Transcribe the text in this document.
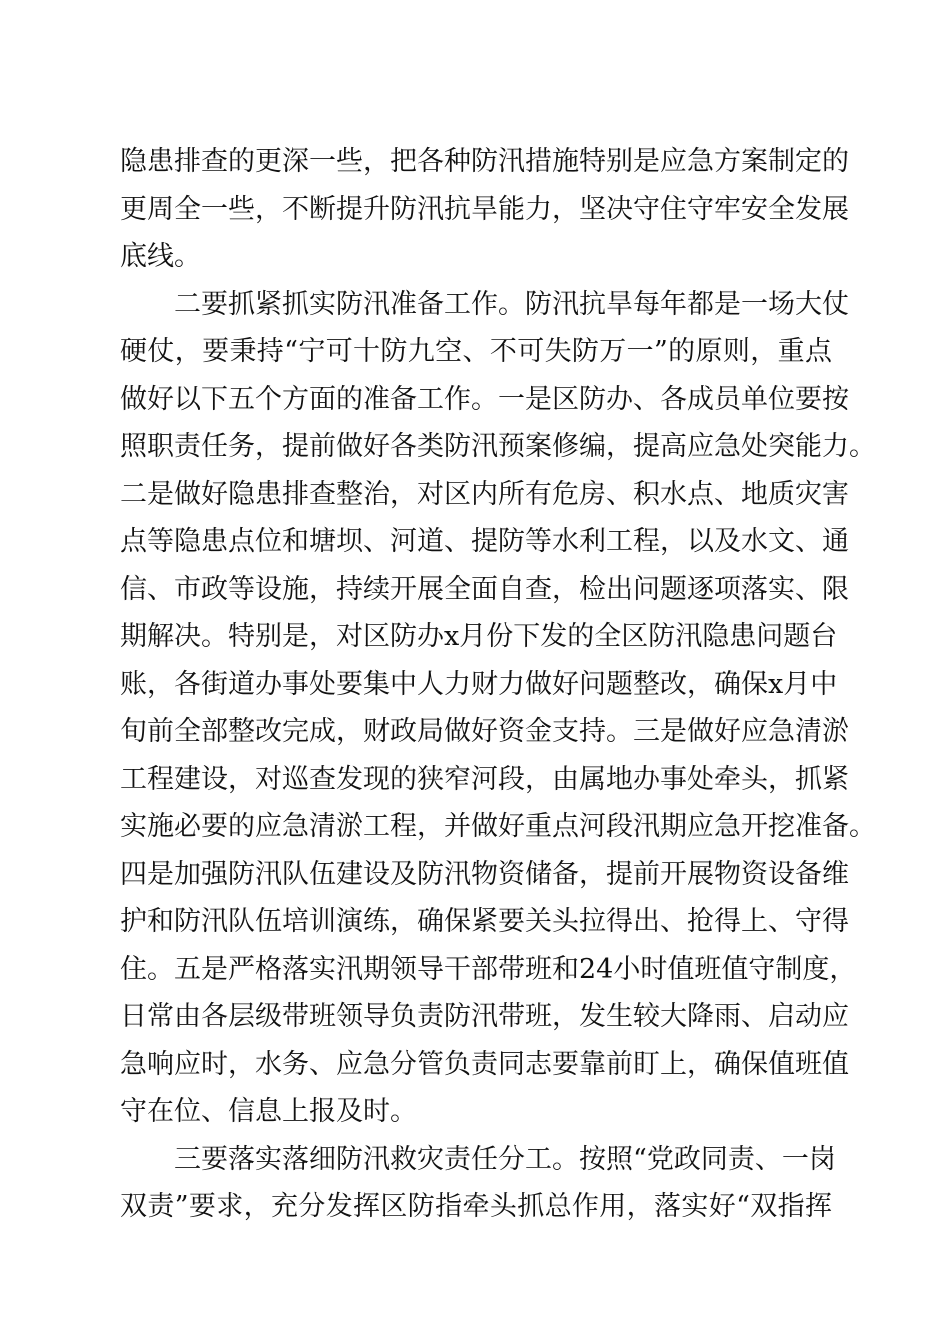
隐 患 排 查 的 更 深 一 些 ， 把 各 种 防 汛 措 施 特 别 是 应 急 方 案 制 定 的
更 周 全 一 些 ， 不 断 提 升 防 汛 抗 旱 能 力 ， 坚 决 守 住 守 牢 安 全 发 展
底 线 。
二 要 抓 紧 抓 实 防 汛 准 备 工 作 。 防 汛 抗 旱 每 年 都 是 一 场 大 仗
硬 仗 ， 要 秉 持 “ 宁 可 十 防 九 空 、 不 可 失 防 万 一 ” 的 原 则 ， 重 点
做 好 以 下 五 个 方 面 的 准 备 工 作 。 一 是 区 防 办 、 各 成 员 单 位 要 按
照 职 责 任 务 ， 提 前 做 好 各 类 防 汛 预 案 修 编 ， 提 高 应 急 处 突 能 力 。
二 是 做 好 隐 患 排 查 整 治 ， 对 区 内 所 有 危 房 、 积 水 点 、 地 质 灾 害
点 等 隐 患 点 位 和 塘 坝 、 河 道 、 提 防 等 水 利 工 程 ， 以 及 水 文 、 通
信 、 市 政 等 设 施 ， 持 续 开 展 全 面 自 查 ， 检 出 问 题 逐 项 落 实 、 限
期 解 决 。 特 别 是 ， 对 区 防 办 x 月 份 下 发 的 全 区 防 汛 隐 患 问 题 台
账 ， 各 街 道 办 事 处 要 集 中 人 力 财 力 做 好 问 题 整 改 ， 确 保 x 月 中
旬 前 全 部 整 改 完 成 ， 财 政 局 做 好 资 金 支 持 。 三 是 做 好 应 急 清 淤
工 程 建 设 ， 对 巡 查 发 现 的 狭 窄 河 段 ， 由 属 地 办 事 处 牵 头 ， 抓 紧
实 施 必 要 的 应 急 清 淤 工 程 ， 并 做 好 重 点 河 段 汛 期 应 急 开 挖 准 备 。
四 是 加 强 防 汛 队 伍 建 设 及 防 汛 物 资 储 备 ， 提 前 开 展 物 资 设 备 维
护 和 防 汛 队 伍 培 训 演 练 ， 确 保 紧 要 关 头 拉 得 出 、 抢 得 上 、 守 得
住 。 五 是 严 格 落 实 汛 期 领 导 干 部 带 班 和 24 小 时 值 班 值 守 制 度 ，
日 常 由 各 层 级 带 班 领 导 负 责 防 汛 带 班 ， 发 生 较 大 降 雨 、 启 动 应
急 响 应 时 ， 水 务 、 应 急 分 管 负 责 同 志 要 靠 前 盯 上 ， 确 保 值 班 值
守 在 位 、 信 息 上 报 及 时 。
三 要 落 实 落 细 防 汛 救 灾 责 任 分 工 。 按 照 “ 党 政 同 责 、 一 岗
双 责 ” 要 求 ， 充 分 发 挥 区 防 指 牵 头 抓 总 作 用 ， 落 实 好 “ 双 指 挥
